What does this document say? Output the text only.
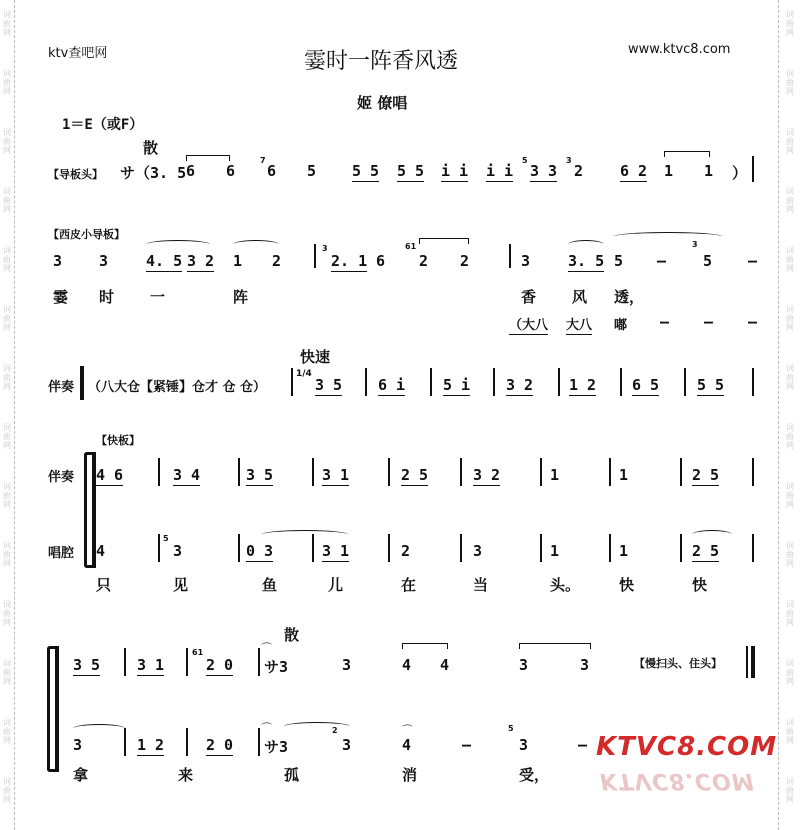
词
曲
网
词
曲
网
词
曲
网
词
曲
网
词
曲
网
词
曲
网
词
曲
网
词
曲
网
词
曲
网
词
曲
网
词
曲
网
词
曲
网
词
曲
网
词
曲
网
词
曲
网
词
曲
网
词
曲
网
词
曲
网
词
曲
网
词
曲
网
词
曲
网
词
曲
网
词
曲
网
词
曲
网
词
曲
网
词
曲
网
词
曲
网
词
曲
网
ktv查吧网	霎时一阵香风透	www.ktvc8.com
姬 僚唱
1＝E（或F）
散
【导板头】 サ（3. 5 6 6
7
6 5 5 5 5 5 i i i i
5
3 3
3
2 6 2 1 1 ）
【西皮小导板】
3 3	4. 5 3 2 1 2
3
2. 1 6
61
2 2	3	3. 5 5 –
3
5 –
霎 时 一	阵	香 风 透，
（大八 大八 嘟 – – –
快速
伴奏 （八大仓【紧锤】仓才 仓 仓）
1/4
3 5 6 i	5 i 3 2 1 2 6 5	5 5
【快板】
伴奏
唱腔
4 6	3 4	3 5	3 1	2 5	3 2	1	1	2 5
4
5
3	0 3	3 1	2	3	1	1	2 5
只	见	鱼	儿	在	当	头。	快	快
散
3 5 3 1
61
2 0
⌒
サ3	3	4 4	3	3	【慢扫头、住头】
3	1 2	2 0
⌒
サ3
2
3
⌒
4	–
5
3	–
拿	来	孤	消	受，
KTVC8.COM
KTVC8.COM
